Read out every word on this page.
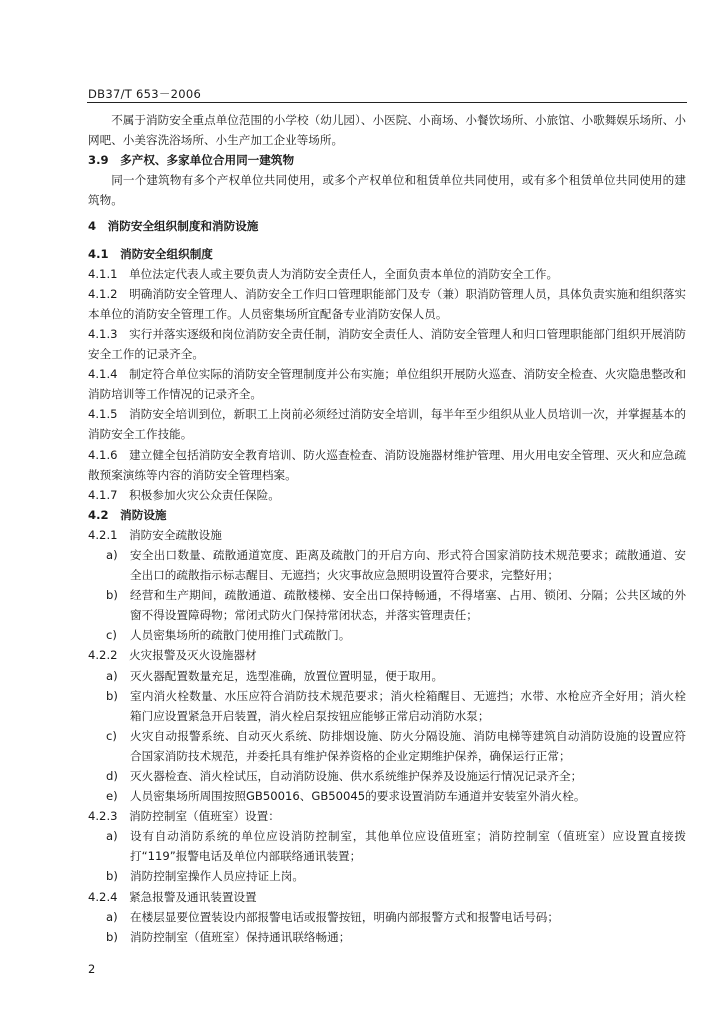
DB37/T 653－2006

不属于消防安全重点单位范围的小学校（幼儿园）、小医院、小商场、小餐饮场所、小旅馆、小歌舞娱乐场所、小网吧、小美容洗浴场所、小生产加工企业等场所。

3.9　多产权、多家单位合用同一建筑物

同一个建筑物有多个产权单位共同使用，或多个产权单位和租赁单位共同使用，或有多个租赁单位共同使用的建筑物。

4　消防安全组织制度和消防设施

4.1　消防安全组织制度

4.1.1　单位法定代表人或主要负责人为消防安全责任人，全面负责本单位的消防安全工作。

4.1.2　明确消防安全管理人、消防安全工作归口管理职能部门及专（兼）职消防管理人员，具体负责实施和组织落实本单位的消防安全管理工作。人员密集场所宜配备专业消防安保人员。

4.1.3　实行并落实逐级和岗位消防安全责任制，消防安全责任人、消防安全管理人和归口管理职能部门组织开展消防安全工作的记录齐全。

4.1.4　制定符合单位实际的消防安全管理制度并公布实施；单位组织开展防火巡查、消防安全检查、火灾隐患整改和消防培训等工作情况的记录齐全。

4.1.5　消防安全培训到位，新职工上岗前必须经过消防安全培训，每半年至少组织从业人员培训一次，并掌握基本的消防安全工作技能。

4.1.6　建立健全包括消防安全教育培训、防火巡查检查、消防设施器材维护管理、用火用电安全管理、灭火和应急疏散预案演练等内容的消防安全管理档案。

4.1.7　积极参加火灾公众责任保险。

4.2　消防设施

4.2.1　消防安全疏散设施

a)	安全出口数量、疏散通道宽度、距离及疏散门的开启方向、形式符合国家消防技术规范要求；疏散通道、安全出口的疏散指示标志醒目、无遮挡；火灾事故应急照明设置符合要求，完整好用；
b)	经营和生产期间，疏散通道、疏散楼梯、安全出口保持畅通，不得堵塞、占用、锁闭、分隔；公共区域的外窗不得设置障碍物；常闭式防火门保持常闭状态，并落实管理责任；
c)	人员密集场所的疏散门使用推门式疏散门。

4.2.2　火灾报警及灭火设施器材

a)	灭火器配置数量充足，选型准确，放置位置明显，便于取用。
b)	室内消火栓数量、水压应符合消防技术规范要求；消火栓箱醒目、无遮挡；水带、水枪应齐全好用；消火栓箱门应设置紧急开启装置，消火栓启泵按钮应能够正常启动消防水泵；
c)	火灾自动报警系统、自动灭火系统、防排烟设施、防火分隔设施、消防电梯等建筑自动消防设施的设置应符合国家消防技术规范，并委托具有维护保养资格的企业定期维护保养，确保运行正常；
d)	灭火器检查、消火栓试压，自动消防设施、供水系统维护保养及设施运行情况记录齐全；
e)	人员密集场所周围按照GB50016、GB50045的要求设置消防车通道并安装室外消火栓。

4.2.3　消防控制室（值班室）设置：

a)	设有自动消防系统的单位应设消防控制室，其他单位应设值班室；消防控制室（值班室）应设置直接拨打“119”报警电话及单位内部联络通讯装置；
b)	消防控制室操作人员应持证上岗。

4.2.4　紧急报警及通讯装置设置

a)	在楼层显要位置装设内部报警电话或报警按钮，明确内部报警方式和报警电话号码；
b)	消防控制室（值班室）保持通讯联络畅通；
2
